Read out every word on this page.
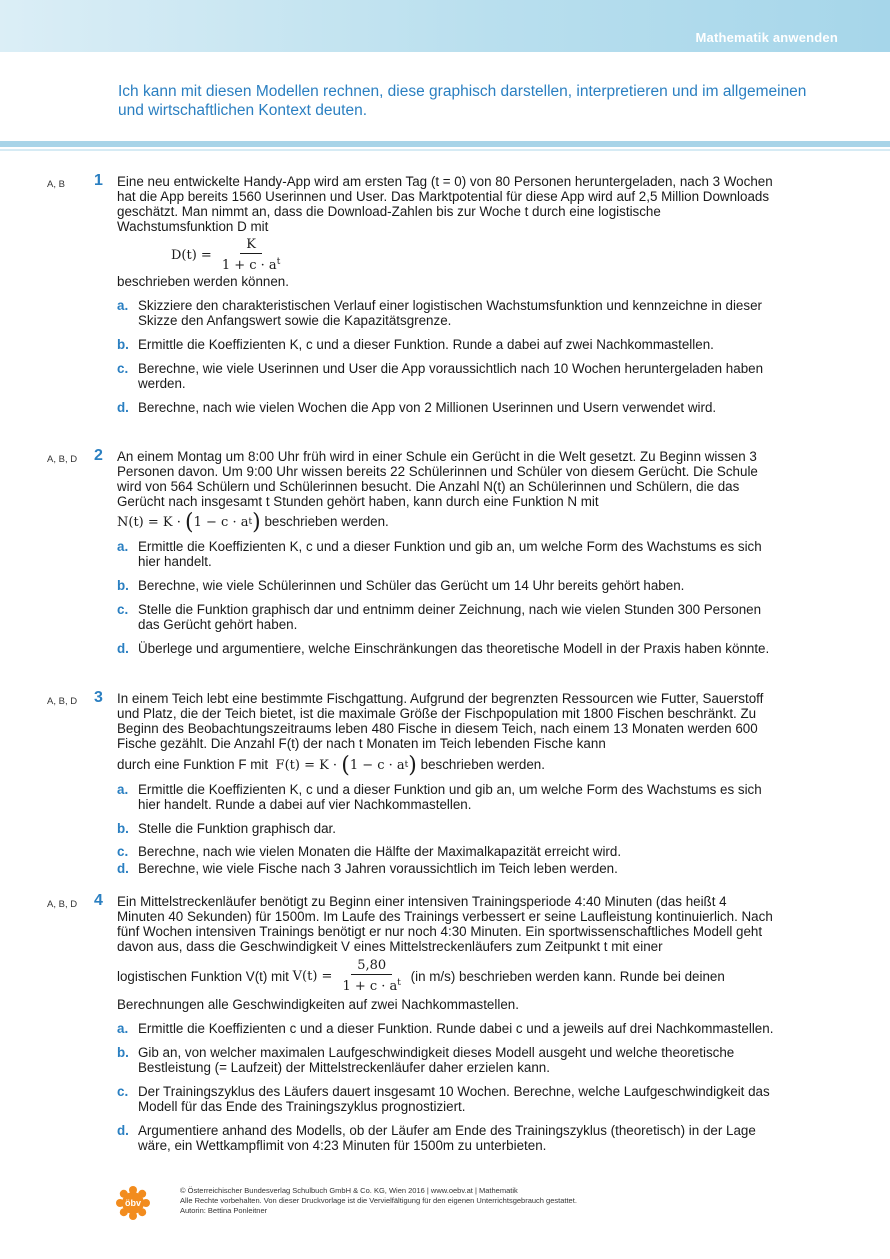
Mathematik anwenden
Ich kann mit diesen Modellen rechnen, diese graphisch darstellen, interpretieren und im allgemeinen und wirtschaftlichen Kontext deuten.
A, B 1 Eine neu entwickelte Handy-App wird am ersten Tag (t = 0) von 80 Personen heruntergeladen, nach 3 Wochen hat die App bereits 1560 Userinnen und User. Das Marktpotential für diese App wird auf 2,5 Million Downloads geschätzt. Man nimmt an, dass die Download-Zahlen bis zur Woche t durch eine logistische Wachstumsfunktion D mit

$D(t) = \frac{K}{1 + c \cdot a^t}$

beschrieben werden können.

a. Skizziere den charakteristischen Verlauf einer logistischen Wachstumsfunktion und kennzeichne in dieser Skizze den Anfangswert sowie die Kapazitätsgrenze.
b. Ermittle die Koeffizienten K, c und a dieser Funktion. Runde a dabei auf zwei Nachkommastellen.
c. Berechne, wie viele Userinnen und User die App voraussichtlich nach 10 Wochen heruntergeladen haben werden.
d. Berechne, nach wie vielen Wochen die App von 2 Millionen Userinnen und Usern verwendet wird.
A, B, D 2 An einem Montag um 8:00 Uhr früh wird in einer Schule ein Gerücht in die Welt gesetzt. Zu Beginn wissen 3 Personen davon. Um 9:00 Uhr wissen bereits 22 Schülerinnen und Schüler von diesem Gerücht. Die Schule wird von 564 Schülern und Schülerinnen besucht. Die Anzahl N(t) an Schülerinnen und Schülern, die das Gerücht nach insgesamt t Stunden gehört haben, kann durch eine Funktion N mit

N(t) = K ·
( 1 − c · a t ) beschrieben werden.
a. Ermittle die Koeffizienten K, c und a dieser Funktion und gib an, um welche Form des Wachstums es sich hier handelt.
b. Berechne, wie viele Schülerinnen und Schüler das Gerücht um 14 Uhr bereits gehört haben.
c. Stelle die Funktion graphisch dar und entnimm deiner Zeichnung, nach wie vielen Stunden 300 Personen das Gerücht gehört haben.
d. Überlege und argumentiere, welche Einschränkungen das theoretische Modell in der Praxis haben könnte.
A, B, D 3 In einem Teich lebt eine bestimmte Fischgattung. Aufgrund der begrenzten Ressourcen wie Futter, Sauerstoff und Platz, die der Teich bietet, ist die maximale Größe der Fischpopulation mit 1800 Fischen beschränkt. Zu Beginn des Beobachtungszeitraums leben 480 Fische in diesem Teich, nach einem 13 Monaten werden 600 Fische gezählt. Die Anzahl F(t) der nach t Monaten im Teich lebenden Fische kann

durch eine Funktion F mit F(t) = K ·
( 1 − c · a t ) beschrieben werden.
a. Ermittle die Koeffizienten K, c und a dieser Funktion und gib an, um welche Form des Wachstums es sich hier handelt. Runde a dabei auf vier Nachkommastellen.
b. Stelle die Funktion graphisch dar.
c. Berechne, nach wie vielen Monaten die Hälfte der Maximalkapazität erreicht wird.
d. Berechne, wie viele Fische nach 3 Jahren voraussichtlich im Teich leben werden.
A, B, D 4 Ein Mittelstreckenläufer benötigt zu Beginn einer intensiven Trainingsperiode 4:40 Minuten (das heißt 4 Minuten 40 Sekunden) für 1500m. Im Laufe des Trainings verbessert er seine Laufleistung kontinuierlich. Nach fünf Wochen intensiven Trainings benötigt er nur noch 4:30 Minuten. Ein sportwissenschaftliches Modell geht davon aus, dass die Geschwindigkeit V eines Mittelstreckenläufers zum Zeitpunkt t mit einer

logistischen Funktion V(t) mit
$V(t) = \frac{5,80}{1 + c \cdot a^t}$
(in m/s) beschrieben werden kann. Runde bei deinen

Berechnungen alle Geschwindigkeiten auf zwei Nachkommastellen.

a. Ermittle die Koeffizienten c und a dieser Funktion. Runde dabei c und a jeweils auf drei Nachkommastellen.
b. Gib an, von welcher maximalen Laufgeschwindigkeit dieses Modell ausgeht und welche theoretische Bestleistung (= Laufzeit) der Mittelstreckenläufer daher erzielen kann.
c. Der Trainingszyklus des Läufers dauert insgesamt 10 Wochen. Berechne, welche Laufgeschwindigkeit das Modell für das Ende des Trainingszyklus prognostiziert.
d. Argumentiere anhand des Modells, ob der Läufer am Ende des Trainingszyklus (theoretisch) in der Lage wäre, ein Wettkampflimit von 4:23 Minuten für 1500m zu unterbieten.
öbv
© Österreichischer Bundesverlag Schulbuch GmbH & Co. KG, Wien 2016 | www.oebv.at | Mathematik
Alle Rechte vorbehalten. Von dieser Druckvorlage ist die Vervielfältigung für den eigenen Unterrichtsgebrauch gestattet.
Autorin: Bettina Ponleitner
